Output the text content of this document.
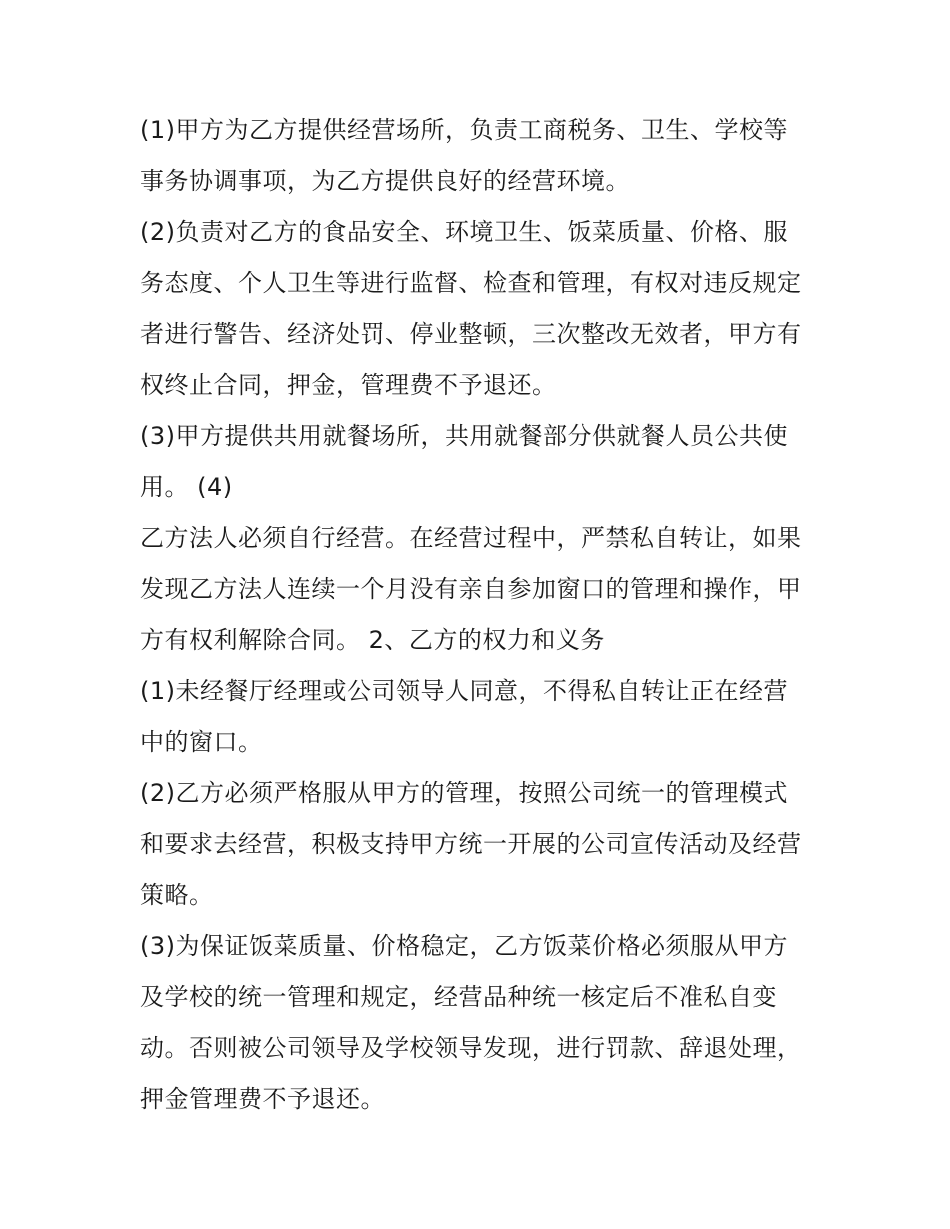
(1)甲方为乙方提供经营场所，负责工商税务、卫生、学校等
事务协调事项，为乙方提供良好的经营环境。
(2)负责对乙方的食品安全、环境卫生、饭菜质量、价格、服
务态度、个人卫生等进行监督、检查和管理，有权对违反规定
者进行警告、经济处罚、停业整顿，三次整改无效者，甲方有
权终止合同，押金，管理费不予退还。
(3)甲方提供共用就餐场所，共用就餐部分供就餐人员公共使
用。 (4)
乙方法人必须自行经营。在经营过程中，严禁私自转让，如果
发现乙方法人连续一个月没有亲自参加窗口的管理和操作，甲
方有权利解除合同。 2、乙方的权力和义务
(1)未经餐厅经理或公司领导人同意，不得私自转让正在经营
中的窗口。
(2)乙方必须严格服从甲方的管理，按照公司统一的管理模式
和要求去经营，积极支持甲方统一开展的公司宣传活动及经营
策略。
(3)为保证饭菜质量、价格稳定，乙方饭菜价格必须服从甲方
及学校的统一管理和规定，经营品种统一核定后不准私自变
动。否则被公司领导及学校领导发现，进行罚款、辞退处理，
押金管理费不予退还。
